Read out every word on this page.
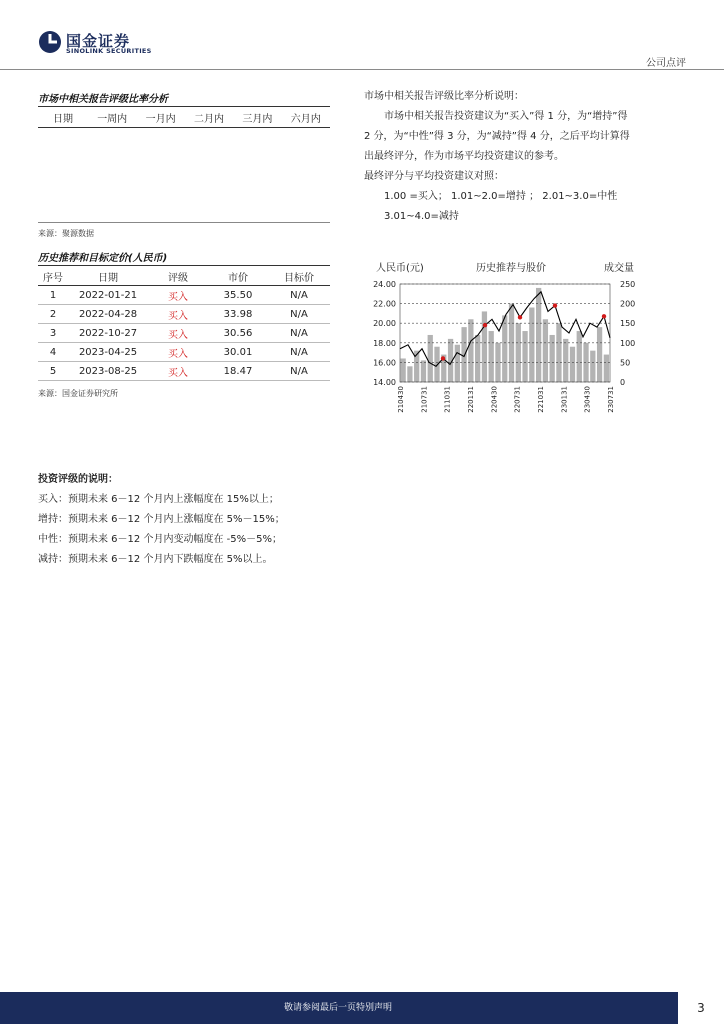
国金证券
SINOLINK SECURITIES
公司点评
市场中相关报告评级比率分析
日期	一周内	一月内	二月内	三月内	六月内
来源：聚源数据
市场中相关报告评级比率分析说明：
市场中相关报告投资建议为“买入”得 1 分，为“增持”得
2 分，为“中性”得 3 分，为“减持”得 4 分，之后平均计算得
出最终评分，作为市场平均投资建议的参考。
最终评分与平均投资建议对照：
1.00 =买入； 1.01~2.0=增持 ； 2.01~3.0=中性
3.01~4.0=减持
历史推荐和目标定价(人民币)
序号	日期	评级	市价	目标价
1	2022-01-21	买入	35.50	N/A
2	2022-04-28	买入	33.98	N/A
3	2022-10-27	买入	30.56	N/A
4	2023-04-25	买入	30.01	N/A
5	2023-08-25	买入	18.47	N/A
来源：国金证券研究所
人民币(元)	历史推荐与股价	成交量
24.00
22.00
20.00
18.00
16.00
14.00
250
200
150
100
50
0
210430 210731 211031 220131 220430 220731 221031 230131 230430 230731
投资评级的说明：
买入：预期未来 6－12 个月内上涨幅度在 15%以上；
增持：预期未来 6－12 个月内上涨幅度在 5%－15%；
中性：预期未来 6－12 个月内变动幅度在 -5%－5%；
减持：预期未来 6－12 个月内下跌幅度在 5%以上。
敬请参阅最后一页特别声明	3
